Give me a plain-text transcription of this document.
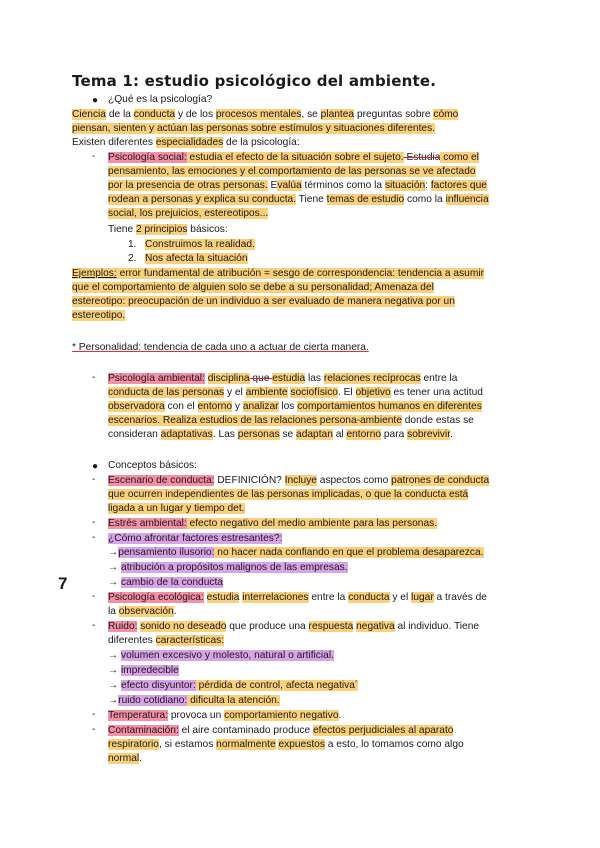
Tema 1: estudio psicológico del ambiente.
● ¿Qué es la psicología?
Ciencia de la conducta y de los procesos mentales, se plantea preguntas sobre cómo
piensan, sienten y actúan las personas sobre estímulos y situaciones diferentes.
Existen diferentes especialidades de la psicología:
- Psicología social: estudia el efecto de la situación sobre el sujeto. Estudia como el
pensamiento, las emociones y el comportamiento de las personas se ve afectado
por la presencia de otras personas. Evalúa términos como la situación: factores que
rodean a personas y explica su conducta. Tiene temas de estudio como la influencia
social, los prejuicios, estereotipos...
Tiene 2 principios básicos:
1. Construimos la realidad.
2. Nos afecta la situación
Ejemplos: error fundamental de atribución = sesgo de correspondencia: tendencia a asumir
que el comportamiento de alguien solo se debe a su personalidad; Amenaza del
estereotipo: preocupación de un individuo a ser evaluado de manera negativa por un
estereotipo.
* Personalidad: tendencia de cada uno a actuar de cierta manera.
- Psicología ambiental: disciplina que estudia las relaciones recíprocas entre la
conducta de las personas y el ambiente sociofísico. El objetivo es tener una actitud
observadora con el entorno y analizar los comportamientos humanos en diferentes
escenarios. Realiza estudios de las relaciones persona-ambiente donde estas se
consideran adaptativas. Las personas se adaptan al entorno para sobrevivir.
● Conceptos básicos:
- Escenario de conducta: DEFINICIÓN? Incluye aspectos como patrones de conducta
que ocurren independientes de las personas implicadas, o que la conducta está
ligada a un lugar y tiempo det.
- Estrés ambiental: efecto negativo del medio ambiente para las personas.
- ¿Cómo afrontar factores estresantes?:
→pensamiento ilusorio: no hacer nada confiando en que el problema desaparezca.
→ atribución a propósitos malignos de las empresas.
→ cambio de la conducta
7
- Psicología ecológica: estudia interrelaciones entre la conducta y el lugar a través de
la observación.
- Ruido: sonido no deseado que produce una respuesta negativa al individuo. Tiene
diferentes características:
→ volumen excesivo y molesto, natural o artificial.
→ impredecible
→ efecto disyuntor: pérdida de control, afecta negativa´
→ruido cotidiano: dificulta la atención.
- Temperatura: provoca un comportamiento negativo.
- Contaminación: el aire contaminado produce efectos perjudiciales al aparato
respiratorio, si estamos normalmente expuestos a esto, lo tomamos como algo
normal.
